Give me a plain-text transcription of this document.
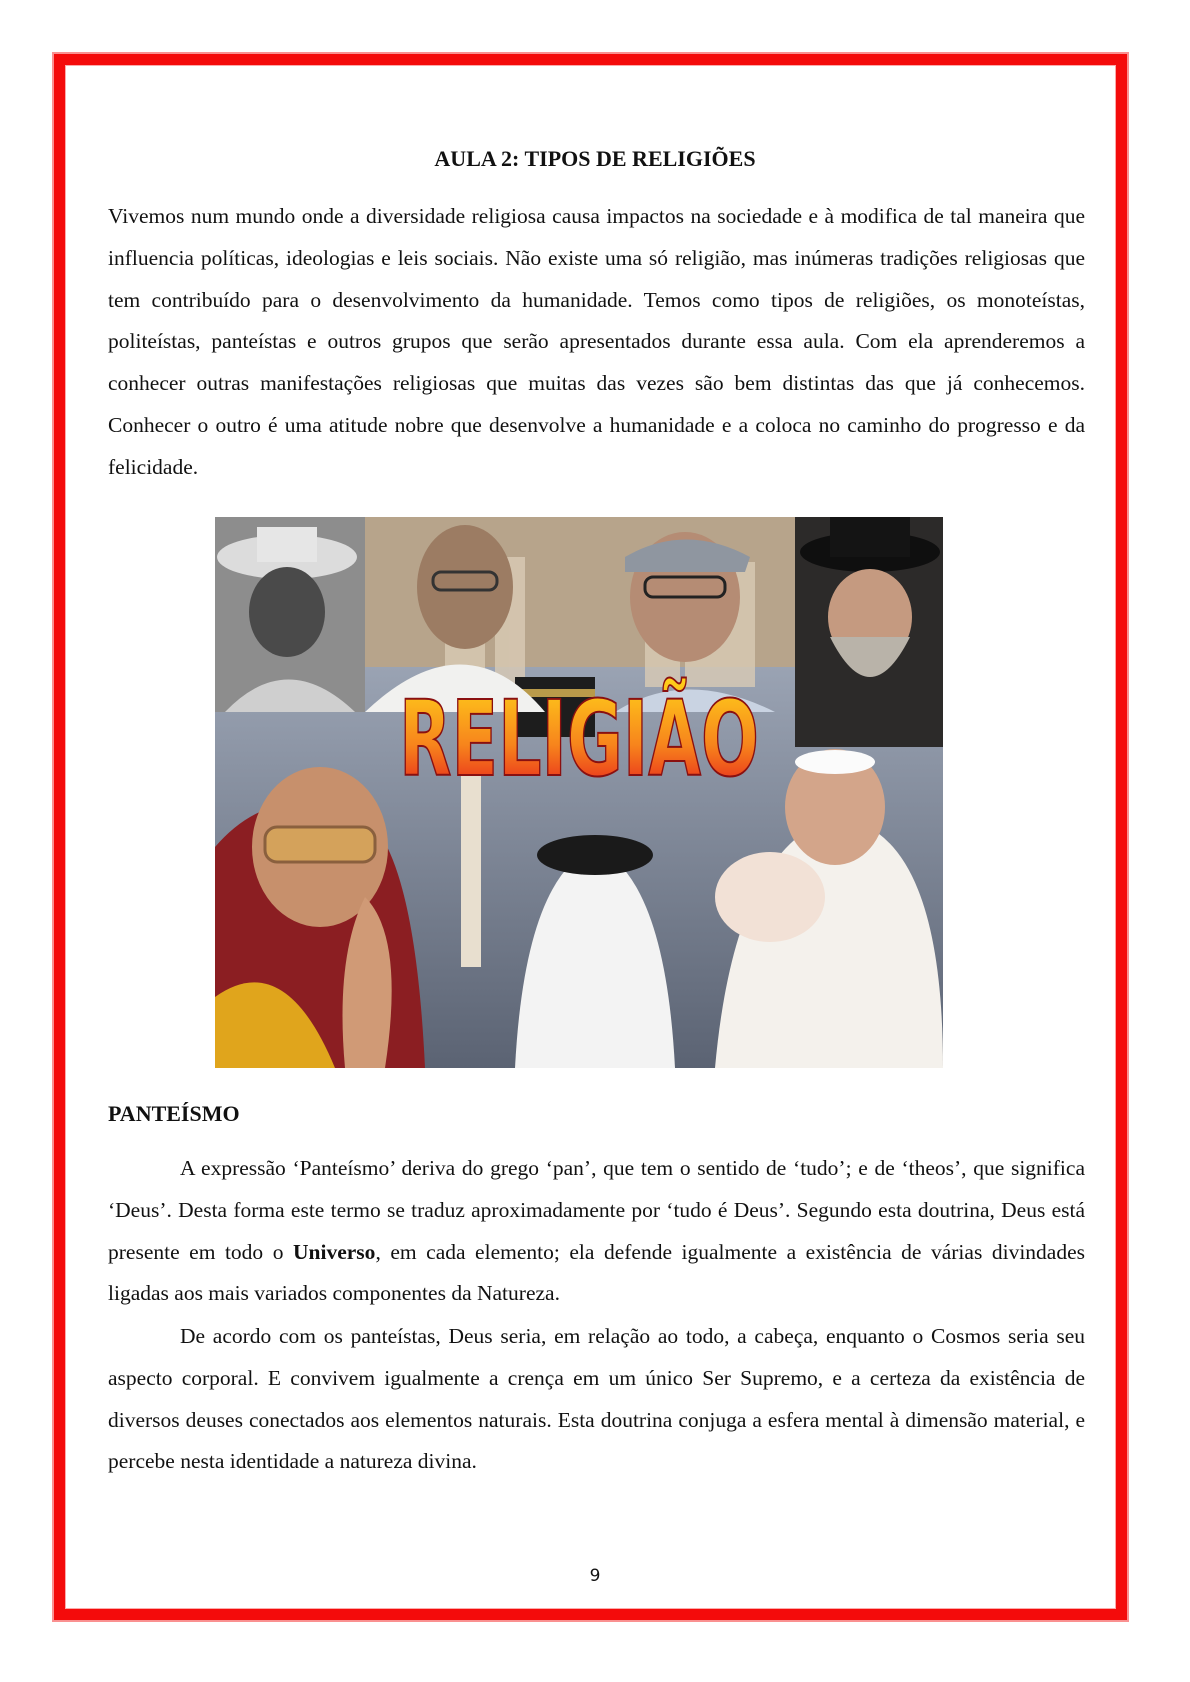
AULA 2: TIPOS DE RELIGIÕES

Vivemos num mundo onde a diversidade religiosa causa impactos na sociedade e à modifica de tal maneira que influencia políticas, ideologias e leis sociais. Não existe uma só religião, mas inúmeras tradições religiosas que tem contribuído para o desenvolvimento da humanidade. Temos como tipos de religiões, os monoteístas, politeístas, panteístas e outros grupos que serão apresentados durante essa aula. Com ela aprenderemos a conhecer outras manifestações religiosas que muitas das vezes são bem distintas das que já conhecemos. Conhecer o outro é uma atitude nobre que desenvolve a humanidade e a coloca no caminho do progresso e da felicidade.

RELIGIÃO
PANTEÍSMO

A expressão ‘Panteísmo’ deriva do grego ‘pan’, que tem o sentido de ‘tudo’; e de ‘theos’, que significa ‘Deus’. Desta forma este termo se traduz aproximadamente por ‘tudo é Deus’. Segundo esta doutrina, Deus está presente em todo o Universo, em cada elemento; ela defende igualmente a existência de várias divindades ligadas aos mais variados componentes da Natureza.

De acordo com os panteístas, Deus seria, em relação ao todo, a cabeça, enquanto o Cosmos seria seu aspecto corporal. E convivem igualmente a crença em um único Ser Supremo, e a certeza da existência de diversos deuses conectados aos elementos naturais. Esta doutrina conjuga a esfera mental à dimensão material, e percebe nesta identidade a natureza divina.

9
